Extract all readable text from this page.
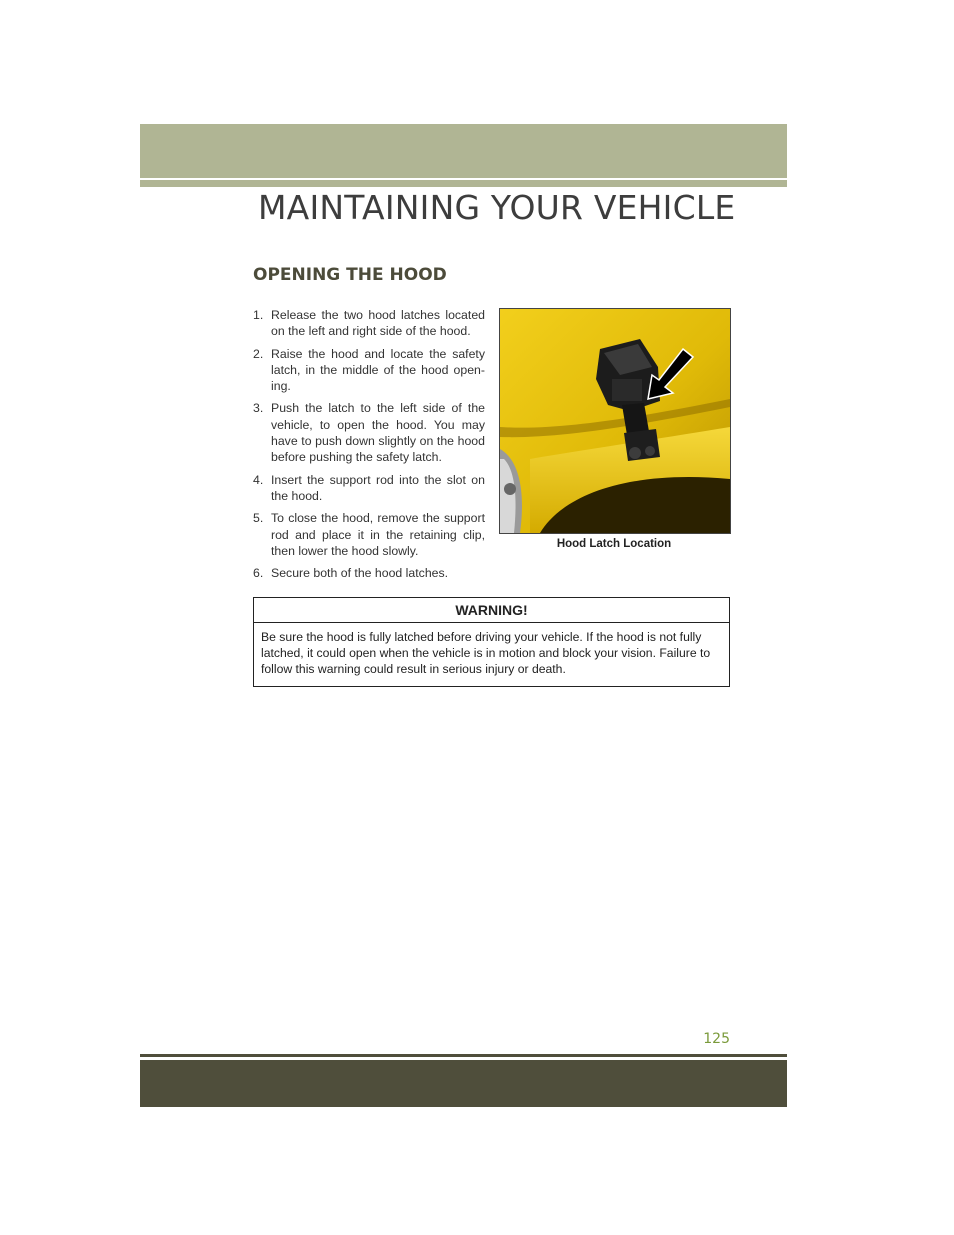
MAINTAINING YOUR VEHICLE
OPENING THE HOOD
1. Release the two hood latches located on the left and right side of the hood.
2. Raise the hood and locate the safety latch, in the middle of the hood open-ing.
3. Push the latch to the left side of the vehicle, to open the hood. You may have to push down slightly on the hood before pushing the safety latch.
4. Insert the support rod into the slot on the hood.
5. To close the hood, remove the support rod and place it in the retaining clip, then lower the hood slowly.
6. Secure both of the hood latches.
Hood Latch Location
WARNING!
Be sure the hood is fully latched before driving your vehicle. If the hood is not fully latched, it could open when the vehicle is in motion and block your vision. Failure to follow this warning could result in serious injury or death.
125
